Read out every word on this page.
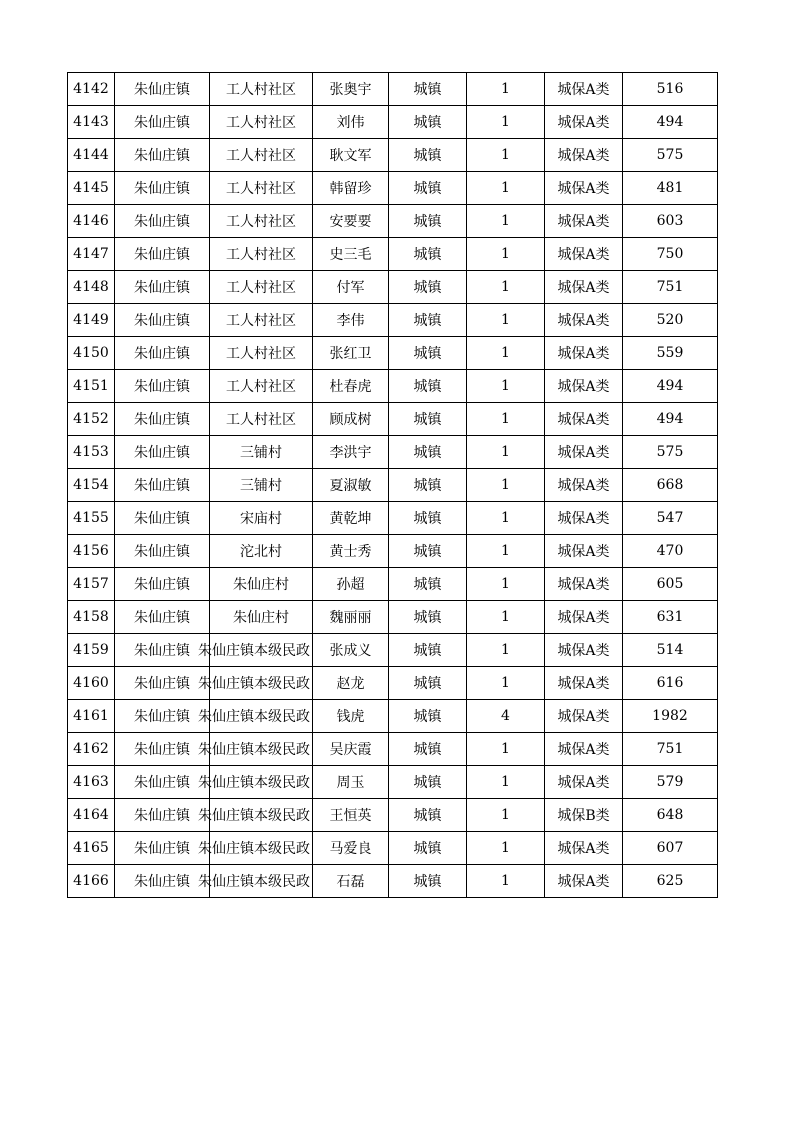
4142	朱仙庄镇	工人村社区	张奥宇	城镇	1	城保A类	516
4143	朱仙庄镇	工人村社区	刘伟	城镇	1	城保A类	494
4144	朱仙庄镇	工人村社区	耿文军	城镇	1	城保A类	575
4145	朱仙庄镇	工人村社区	韩留珍	城镇	1	城保A类	481
4146	朱仙庄镇	工人村社区	安要要	城镇	1	城保A类	603
4147	朱仙庄镇	工人村社区	史三毛	城镇	1	城保A类	750
4148	朱仙庄镇	工人村社区	付军	城镇	1	城保A类	751
4149	朱仙庄镇	工人村社区	李伟	城镇	1	城保A类	520
4150	朱仙庄镇	工人村社区	张红卫	城镇	1	城保A类	559
4151	朱仙庄镇	工人村社区	杜春虎	城镇	1	城保A类	494
4152	朱仙庄镇	工人村社区	顾成树	城镇	1	城保A类	494
4153	朱仙庄镇	三铺村	李洪宇	城镇	1	城保A类	575
4154	朱仙庄镇	三铺村	夏淑敏	城镇	1	城保A类	668
4155	朱仙庄镇	宋庙村	黄乾坤	城镇	1	城保A类	547
4156	朱仙庄镇	沱北村	黄士秀	城镇	1	城保A类	470
4157	朱仙庄镇	朱仙庄村	孙超	城镇	1	城保A类	605
4158	朱仙庄镇	朱仙庄村	魏丽丽	城镇	1	城保A类	631
4159	朱仙庄镇	朱仙庄镇本级民政	张成义	城镇	1	城保A类	514
4160	朱仙庄镇	朱仙庄镇本级民政	赵龙	城镇	1	城保A类	616
4161	朱仙庄镇	朱仙庄镇本级民政	钱虎	城镇	4	城保A类	1982
4162	朱仙庄镇	朱仙庄镇本级民政	吴庆霞	城镇	1	城保A类	751
4163	朱仙庄镇	朱仙庄镇本级民政	周玉	城镇	1	城保A类	579
4164	朱仙庄镇	朱仙庄镇本级民政	王恒英	城镇	1	城保B类	648
4165	朱仙庄镇	朱仙庄镇本级民政	马爱良	城镇	1	城保A类	607
4166	朱仙庄镇	朱仙庄镇本级民政	石磊	城镇	1	城保A类	625
